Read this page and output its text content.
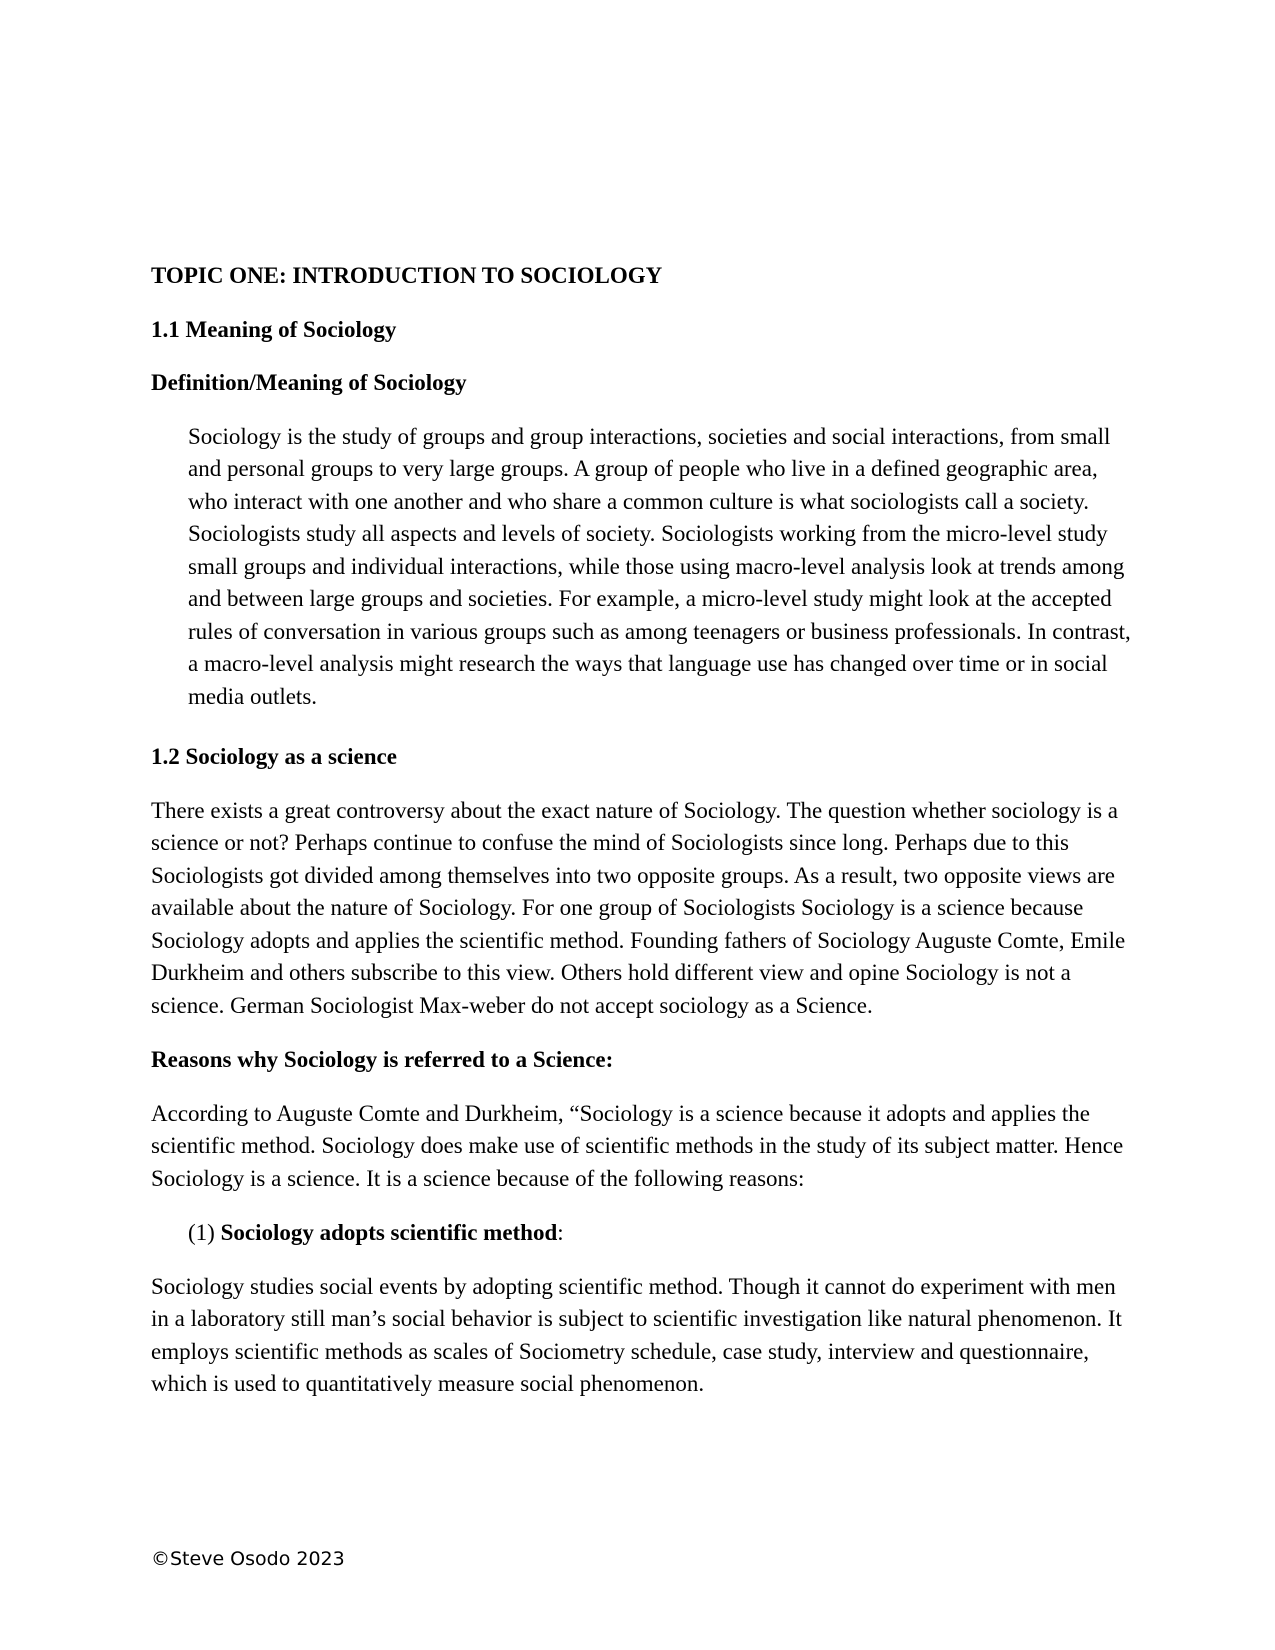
TOPIC ONE: INTRODUCTION TO SOCIOLOGY

1.1 Meaning of Sociology

Definition/Meaning of Sociology

Sociology is the study of groups and group interactions, societies and social interactions, from small and personal groups to very large groups. A group of people who live in a defined geographic area, who interact with one another and who share a common culture is what sociologists call a society. Sociologists study all aspects and levels of society. Sociologists working from the micro-level study small groups and individual interactions, while those using macro-level analysis look at trends among and between large groups and societies. For example, a micro-level study might look at the accepted rules of conversation in various groups such as among teenagers or business professionals. In contrast, a macro-level analysis might research the ways that language use has changed over time or in social media outlets.

1.2 Sociology as a science

There exists a great controversy about the exact nature of Sociology. The question whether sociology is a science or not? Perhaps continue to confuse the mind of Sociologists since long. Perhaps due to this Sociologists got divided among themselves into two opposite groups. As a result, two opposite views are available about the nature of Sociology. For one group of Sociologists Sociology is a science because Sociology adopts and applies the scientific method. Founding fathers of Sociology Auguste Comte, Emile Durkheim and others subscribe to this view. Others hold different view and opine Sociology is not a science. German Sociologist Max-weber do not accept sociology as a Science.

Reasons why Sociology is referred to a Science:

According to Auguste Comte and Durkheim, “Sociology is a science because it adopts and applies the scientific method. Sociology does make use of scientific methods in the study of its subject matter. Hence Sociology is a science. It is a science because of the following reasons:

(1) Sociology adopts scientific method:

Sociology studies social events by adopting scientific method. Though it cannot do experiment with men in a laboratory still man’s social behavior is subject to scientific investigation like natural phenomenon. It employs scientific methods as scales of Sociometry schedule, case study, interview and questionnaire, which is used to quantitatively measure social phenomenon.

©Steve Osodo 2023
